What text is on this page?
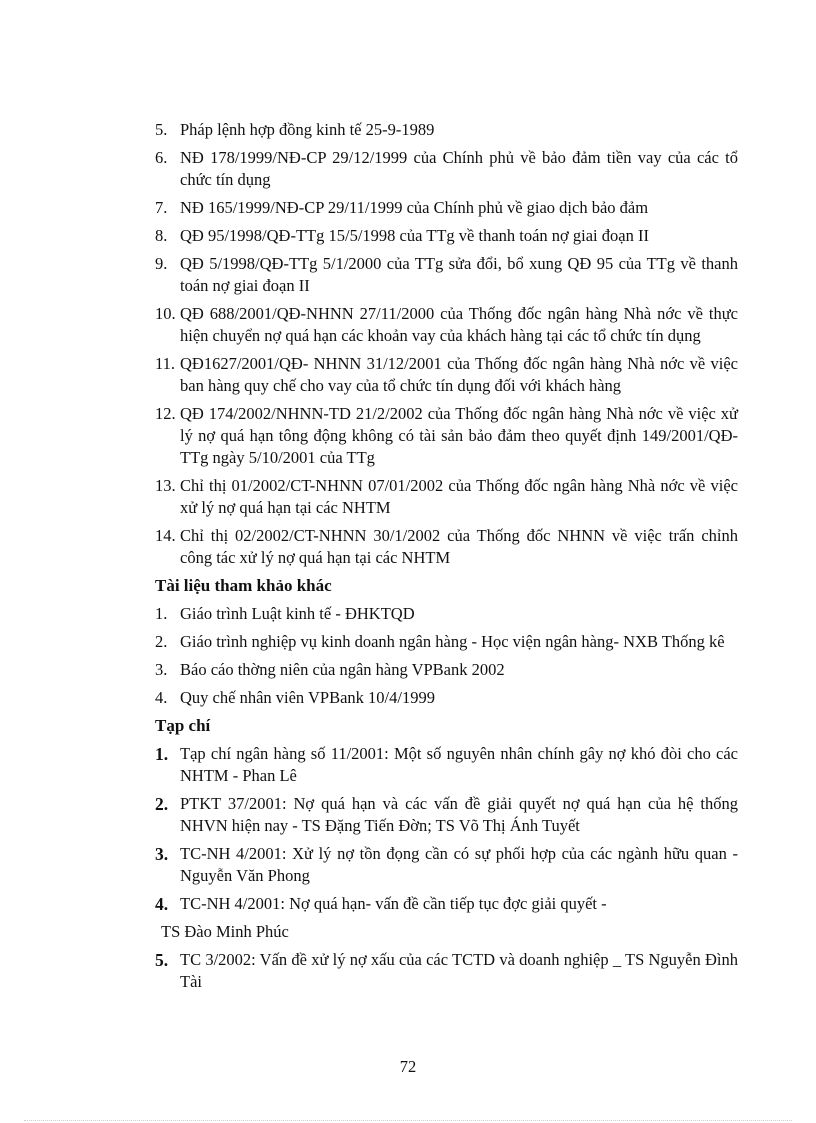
5. Pháp lệnh hợp đồng kinh tế 25-9-1989
6. NĐ 178/1999/NĐ-CP 29/12/1999 của Chính phủ về bảo đảm tiền vay của các tổ chức tín dụng
7. NĐ 165/1999/NĐ-CP 29/11/1999 của Chính phủ về giao dịch bảo đảm
8. QĐ 95/1998/QĐ-TTg 15/5/1998 của TTg về thanh toán nợ giai đoạn II
9. QĐ 5/1998/QĐ-TTg 5/1/2000 của TTg sửa đổi, bổ xung QĐ 95 của TTg về thanh toán nợ giai đoạn II
10. QĐ 688/2001/QĐ-NHNN 27/11/2000 của Thống đốc ngân hàng Nhà nớc về thực hiện chuyển nợ quá hạn các khoản vay của khách hàng tại các tổ chức tín dụng
11. QĐ1627/2001/QĐ- NHNN 31/12/2001 của Thống đốc ngân hàng Nhà nớc về việc ban hàng quy chế cho vay của tổ chức tín dụng đối với khách hàng
12. QĐ 174/2002/NHNN-TD 21/2/2002 của Thống đốc ngân hàng Nhà nớc về việc xử lý nợ quá hạn tông động không có tài sản bảo đảm theo quyết định 149/2001/QĐ-TTg ngày 5/10/2001 của TTg
13. Chỉ thị 01/2002/CT-NHNN 07/01/2002 của Thống đốc ngân hàng Nhà nớc về việc xử lý nợ quá hạn tại các NHTM
14. Chỉ thị 02/2002/CT-NHNN 30/1/2002 của Thống đốc NHNN về việc trấn chỉnh công tác xử lý nợ quá hạn tại các NHTM
Tài liệu tham khảo khác
1. Giáo trình Luật kinh tế - ĐHKTQD
2. Giáo trình nghiệp vụ kinh doanh ngân hàng - Học viện ngân hàng- NXB Thống kê
3. Báo cáo thờng niên của ngân hàng VPBank 2002
4. Quy chế nhân viên VPBank 10/4/1999
Tạp chí
1. Tạp chí ngân hàng số 11/2001: Một số nguyên nhân chính gây nợ khó đòi cho các NHTM - Phan Lê
2. PTKT 37/2001: Nợ quá hạn và các vấn đề giải quyết nợ quá hạn của hệ thống NHVN hiện nay - TS Đặng Tiến Đờn; TS Võ Thị Ánh Tuyết
3. TC-NH 4/2001: Xử lý nợ tồn đọng cần có sự phối hợp của các ngành hữu quan - Nguyễn Văn Phong
4. TC-NH 4/2001: Nợ quá hạn- vấn đề cần tiếp tục đợc giải quyết -
TS Đào Minh Phúc
5. TC 3/2002: Vấn đề xử lý nợ xấu của các TCTD và doanh nghiệp _ TS Nguyễn Đình Tài
72
